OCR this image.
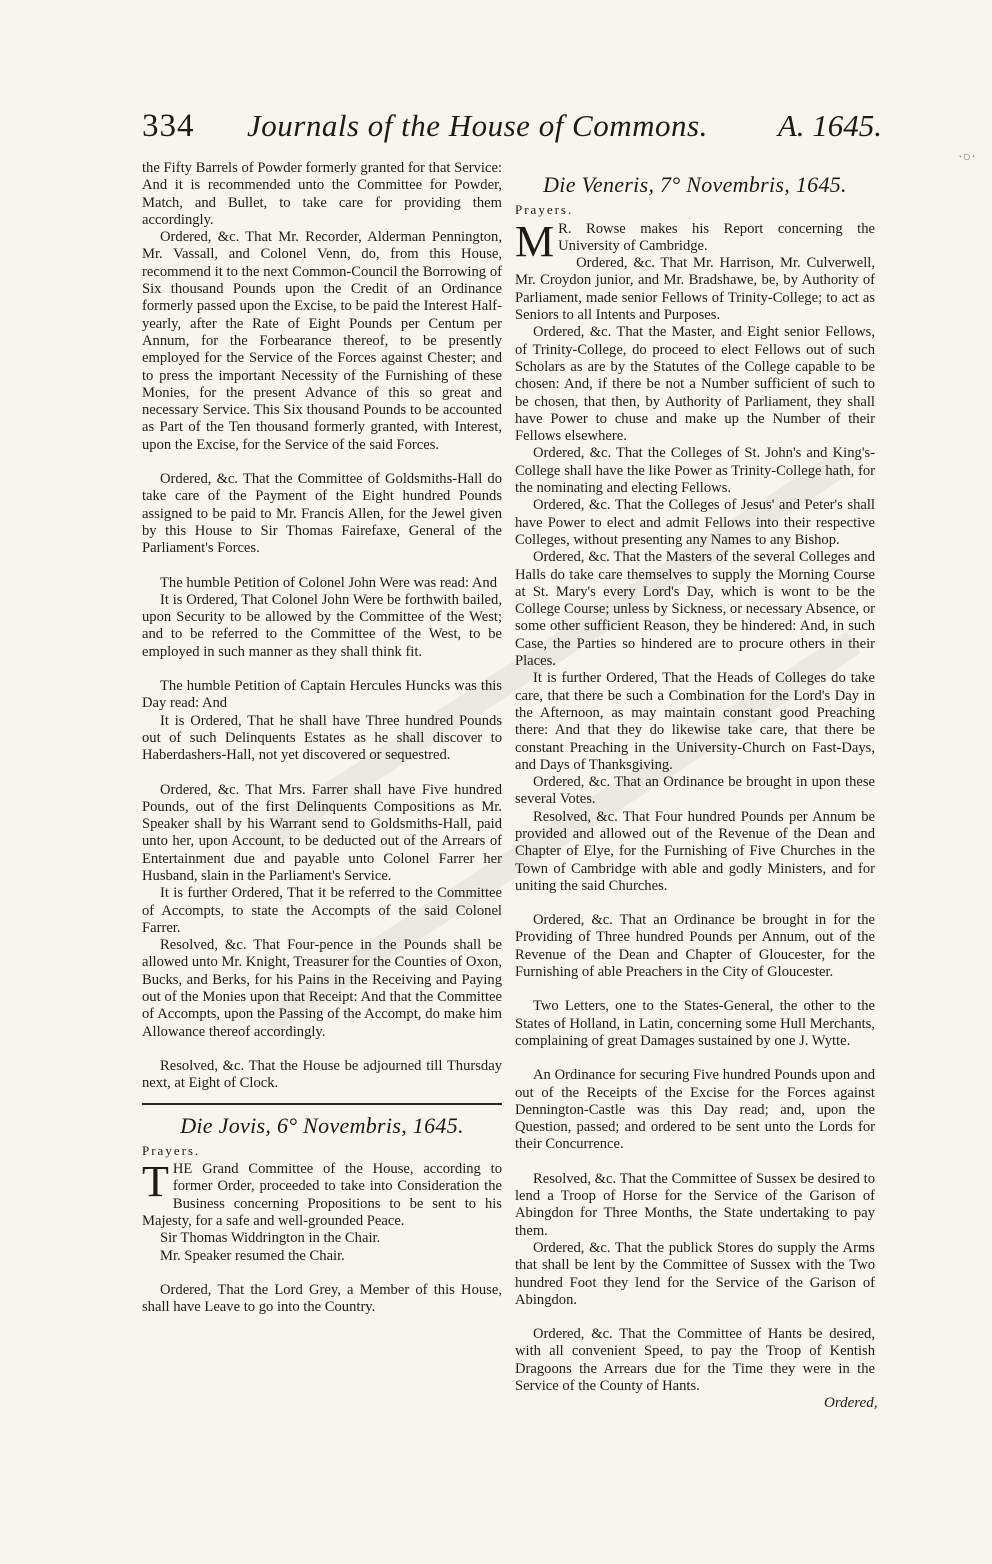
·○·
334 Journals of the House of Commons. A. 1645.

the Fifty Barrels of Powder formerly granted for that Service: And it is recommended unto the Committee for Powder, Match, and Bullet, to take care for providing them accordingly.

Ordered, &c. That Mr. Recorder, Alderman Pennington, Mr. Vassall, and Colonel Venn, do, from this House, recommend it to the next Common-Council the Borrowing of Six thousand Pounds upon the Credit of an Ordinance formerly passed upon the Excise, to be paid the Interest Half-yearly, after the Rate of Eight Pounds per Centum per Annum, for the Forbearance thereof, to be presently employed for the Service of the Forces against Chester; and to press the important Necessity of the Furnishing of these Monies, for the present Advance of this so great and necessary Service. This Six thousand Pounds to be accounted as Part of the Ten thousand formerly granted, with Interest, upon the Excise, for the Service of the said Forces.

Ordered, &c. That the Committee of Goldsmiths-Hall do take care of the Payment of the Eight hundred Pounds assigned to be paid to Mr. Francis Allen, for the Jewel given by this House to Sir Thomas Fairefaxe, General of the Parliament's Forces.

The humble Petition of Colonel John Were was read: And

It is Ordered, That Colonel John Were be forthwith bailed, upon Security to be allowed by the Committee of the West; and to be referred to the Committee of the West, to be employed in such manner as they shall think fit.

The humble Petition of Captain Hercules Huncks was this Day read: And

It is Ordered, That he shall have Three hundred Pounds out of such Delinquents Estates as he shall discover to Haberdashers-Hall, not yet discovered or sequestred.

Ordered, &c. That Mrs. Farrer shall have Five hundred Pounds, out of the first Delinquents Compositions as Mr. Speaker shall by his Warrant send to Goldsmiths-Hall, paid unto her, upon Account, to be deducted out of the Arrears of Entertainment due and payable unto Colonel Farrer her Husband, slain in the Parliament's Service.

It is further Ordered, That it be referred to the Committee of Accompts, to state the Accompts of the said Colonel Farrer.

Resolved, &c. That Four-pence in the Pounds shall be allowed unto Mr. Knight, Treasurer for the Counties of Oxon, Bucks, and Berks, for his Pains in the Receiving and Paying out of the Monies upon that Receipt: And that the Committee of Accompts, upon the Passing of the Accompt, do make him Allowance thereof accordingly.

Resolved, &c. That the House be adjourned till Thursday next, at Eight of Clock.

Die Jovis, 6° Novembris, 1645.

Prayers.

THE Grand Committee of the House, according to former Order, proceeded to take into Consideration the Business concerning Propositions to be sent to his Majesty, for a safe and well-grounded Peace.

Sir Thomas Widdrington in the Chair.

Mr. Speaker resumed the Chair.

Ordered, That the Lord Grey, a Member of this House, shall have Leave to go into the Country.

Die Veneris, 7° Novembris, 1645.

Prayers.

M R. Rowse makes his Report concerning the University of Cambridge.

Ordered, &c. That Mr. Harrison, Mr. Culverwell, Mr. Croydon junior, and Mr. Bradshawe, be, by Authority of Parliament, made senior Fellows of Trinity-College; to act as Seniors to all Intents and Purposes.

Ordered, &c. That the Master, and Eight senior Fellows, of Trinity-College, do proceed to elect Fellows out of such Scholars as are by the Statutes of the College capable to be chosen: And, if there be not a Number sufficient of such to be chosen, that then, by Authority of Parliament, they shall have Power to chuse and make up the Number of their Fellows elsewhere.

Ordered, &c. That the Colleges of St. John's and King's-College shall have the like Power as Trinity-College hath, for the nominating and electing Fellows.

Ordered, &c. That the Colleges of Jesus' and Peter's shall have Power to elect and admit Fellows into their respective Colleges, without presenting any Names to any Bishop.

Ordered, &c. That the Masters of the several Colleges and Halls do take care themselves to supply the Morning Course at St. Mary's every Lord's Day, which is wont to be the College Course; unless by Sickness, or necessary Absence, or some other sufficient Reason, they be hindered: And, in such Case, the Parties so hindered are to procure others in their Places.

It is further Ordered, That the Heads of Colleges do take care, that there be such a Combination for the Lord's Day in the Afternoon, as may maintain constant good Preaching there: And that they do likewise take care, that there be constant Preaching in the University-Church on Fast-Days, and Days of Thanksgiving.

Ordered, &c. That an Ordinance be brought in upon these several Votes.

Resolved, &c. That Four hundred Pounds per Annum be provided and allowed out of the Revenue of the Dean and Chapter of Elye, for the Furnishing of Five Churches in the Town of Cambridge with able and godly Ministers, and for uniting the said Churches.

Ordered, &c. That an Ordinance be brought in for the Providing of Three hundred Pounds per Annum, out of the Revenue of the Dean and Chapter of Gloucester, for the Furnishing of able Preachers in the City of Gloucester.

Two Letters, one to the States-General, the other to the States of Holland, in Latin, concerning some Hull Merchants, complaining of great Damages sustained by one J. Wytte.

An Ordinance for securing Five hundred Pounds upon and out of the Receipts of the Excise for the Forces against Dennington-Castle was this Day read; and, upon the Question, passed; and ordered to be sent unto the Lords for their Concurrence.

Resolved, &c. That the Committee of Sussex be desired to lend a Troop of Horse for the Service of the Garison of Abingdon for Three Months, the State undertaking to pay them.

Ordered, &c. That the publick Stores do supply the Arms that shall be lent by the Committee of Sussex with the Two hundred Foot they lend for the Service of the Garison of Abingdon.

Ordered, &c. That the Committee of Hants be desired, with all convenient Speed, to pay the Troop of Kentish Dragoons the Arrears due for the Time they were in the Service of the County of Hants.

Ordered,
